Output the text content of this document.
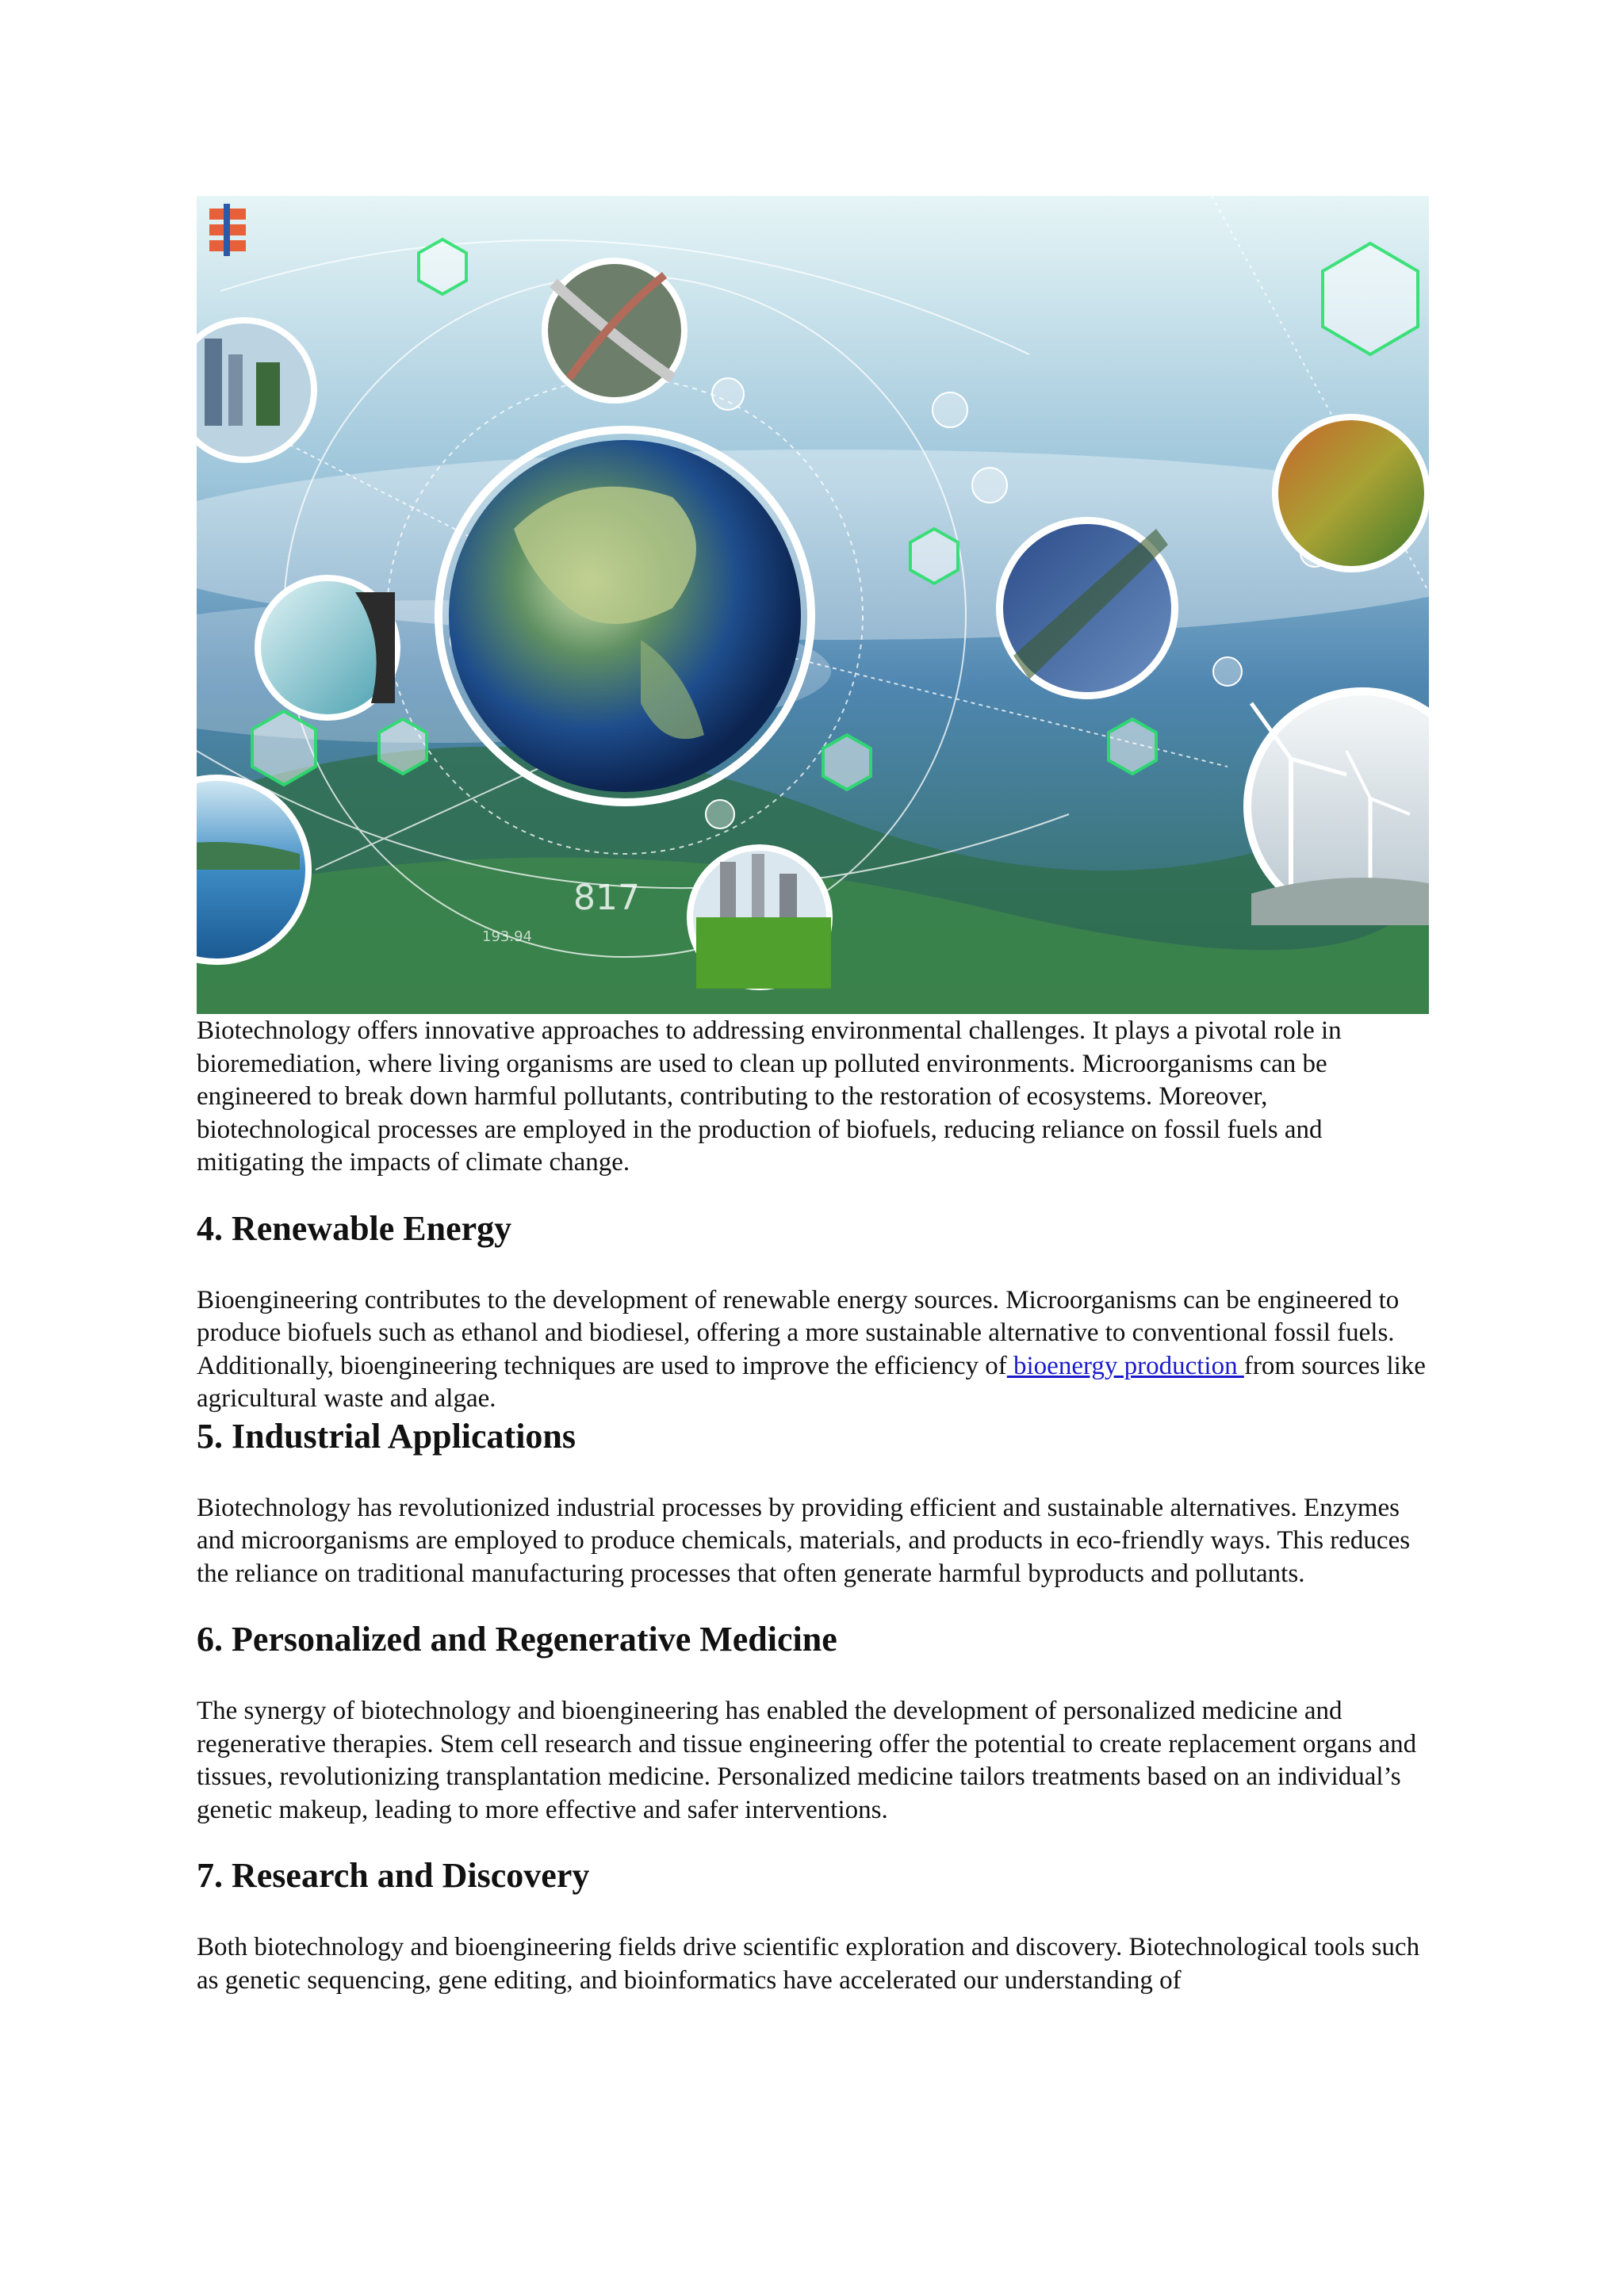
817
193.94

Biotechnology offers innovative approaches to addressing environmental challenges. It plays a pivotal role in bioremediation, where living organisms are used to clean up polluted environments. Microorganisms can be engineered to break down harmful pollutants, contributing to the restoration of ecosystems. Moreover, biotechnological processes are employed in the production of biofuels, reducing reliance on fossil fuels and mitigating the impacts of climate change.

4. Renewable Energy

Bioengineering contributes to the development of renewable energy sources. Microorganisms can be engineered to produce biofuels such as ethanol and biodiesel, offering a more sustainable alternative to conventional fossil fuels. Additionally, bioengineering techniques are used to improve the efficiency of bioenergy production from sources like agricultural waste and algae.

5. Industrial Applications

Biotechnology has revolutionized industrial processes by providing efficient and sustainable alternatives. Enzymes and microorganisms are employed to produce chemicals, materials, and products in eco-friendly ways. This reduces the reliance on traditional manufacturing processes that often generate harmful byproducts and pollutants.

6. Personalized and Regenerative Medicine

The synergy of biotechnology and bioengineering has enabled the development of personalized medicine and regenerative therapies. Stem cell research and tissue engineering offer the potential to create replacement organs and tissues, revolutionizing transplantation medicine. Personalized medicine tailors treatments based on an individual’s genetic makeup, leading to more effective and safer interventions.

7. Research and Discovery

Both biotechnology and bioengineering fields drive scientific exploration and discovery. Biotechnological tools such as genetic sequencing, gene editing, and bioinformatics have accelerated our understanding of
